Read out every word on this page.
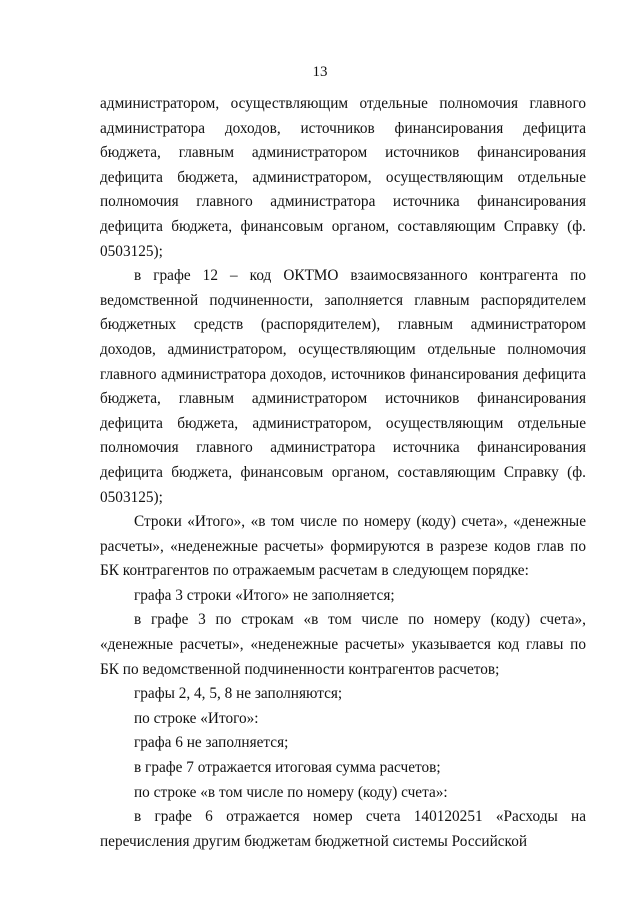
13

администратором, осуществляющим отдельные полномочия главного администратора доходов, источников финансирования дефицита бюджета, главным администратором источников финансирования дефицита бюджета, администратором, осуществляющим отдельные полномочия главного администратора источника финансирования дефицита бюджета, финансовым органом, составляющим Справку (ф. 0503125);

в графе 12 – код ОКТМО взаимосвязанного контрагента по ведомственной подчиненности, заполняется главным распорядителем бюджетных средств (распорядителем), главным администратором доходов, администратором, осуществляющим отдельные полномочия главного администратора доходов, источников финансирования дефицита бюджета, главным администратором источников финансирования дефицита бюджета, администратором, осуществляющим отдельные полномочия главного администратора источника финансирования дефицита бюджета, финансовым органом, составляющим Справку (ф. 0503125);

Строки «Итого», «в том числе по номеру (коду) счета», «денежные расчеты», «неденежные расчеты» формируются в разрезе кодов глав по БК контрагентов по отражаемым расчетам в следующем порядке:

графа 3 строки «Итого» не заполняется;

в графе 3 по строкам «в том числе по номеру (коду) счета», «денежные расчеты», «неденежные расчеты» указывается код главы по БК по ведомственной подчиненности контрагентов расчетов;

графы 2, 4, 5, 8 не заполняются;

по строке «Итого»:

графа 6 не заполняется;

в графе 7 отражается итоговая сумма расчетов;

по строке «в том числе по номеру (коду) счета»:

в графе 6 отражается номер счета 140120251 «Расходы на перечисления другим бюджетам бюджетной системы Российской
